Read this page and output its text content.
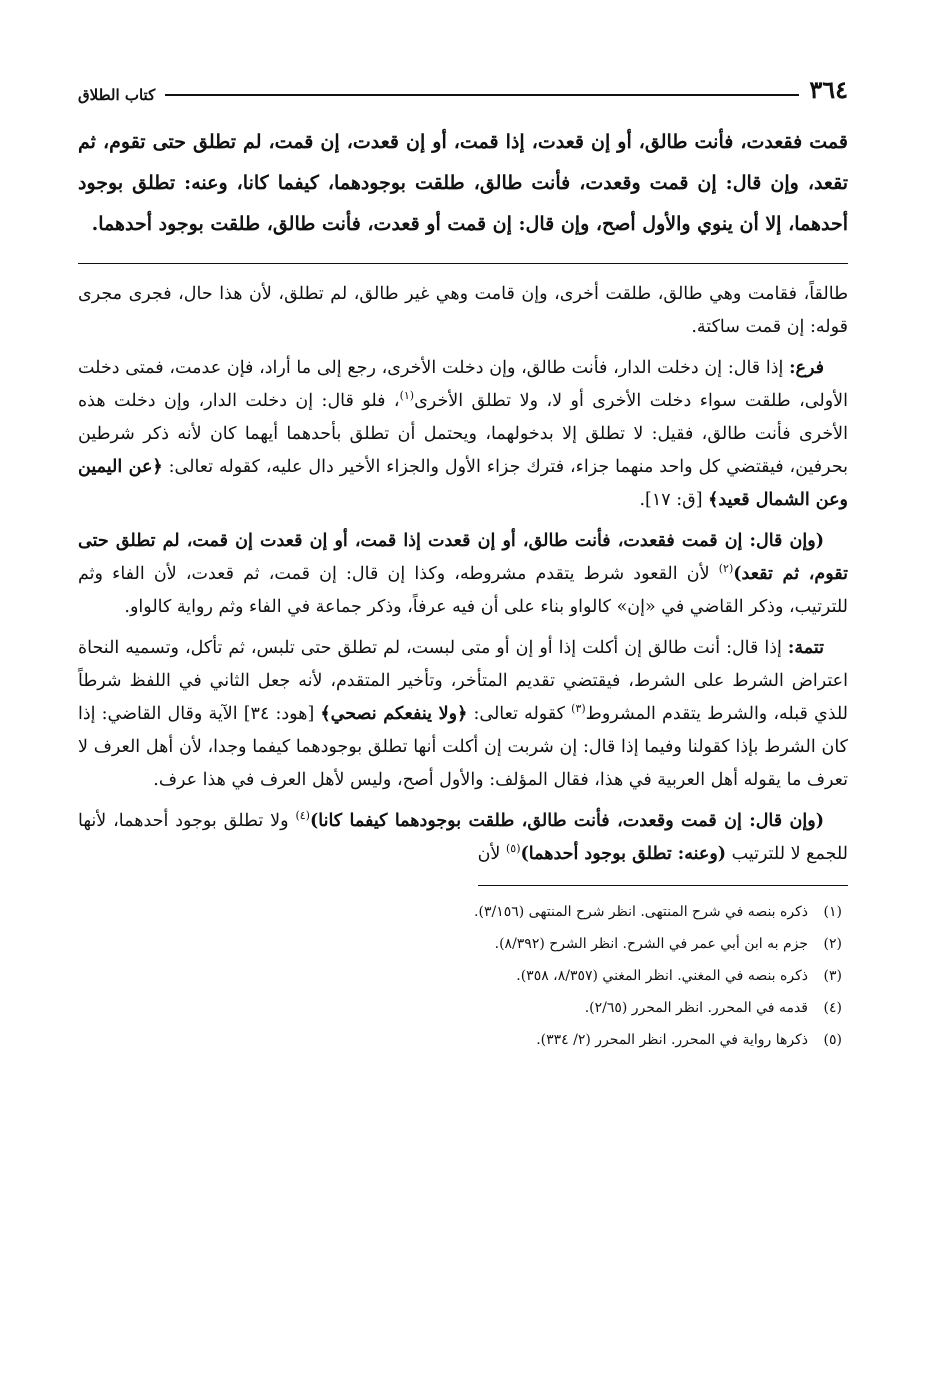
٣٦٤
كتاب الطلاق
قمت فقعدت، فأنت طالق، أو إن قعدت، إذا قمت، أو إن قعدت، إن قمت، لم تطلق حتى تقوم، ثم تقعد، وإن قال: إن قمت وقعدت، فأنت طالق، طلقت بوجودهما، كيفما كانا، وعنه: تطلق بوجود أحدهما، إلا أن ينوي والأول أصح، وإن قال: إن قمت أو قعدت، فأنت طالق، طلقت بوجود أحدهما.

طالقاً، فقامت وهي طالق، طلقت أخرى، وإن قامت وهي غير طالق، لم تطلق، لأن هذا حال، فجرى مجرى قوله: إن قمت ساكتة.

فرع: إذا قال: إن دخلت الدار، فأنت طالق، وإن دخلت الأخرى، رجع إلى ما أراد، فإن عدمت، فمتى دخلت الأولى، طلقت سواء دخلت الأخرى أو لا، ولا تطلق الأخرى$^{(١)}$، فلو قال: إن دخلت الدار، وإن دخلت هذه الأخرى فأنت طالق، فقيل: لا تطلق إلا بدخولهما، ويحتمل أن تطلق بأحدهما أيهما كان لأنه ذكر شرطين بحرفين، فيقتضي كل واحد منهما جزاء، فترك جزاء الأول والجزاء الأخير دال عليه، كقوله تعالى: ﴿عن اليمين وعن الشمال قعيد﴾ [ق: ١٧].

(وإن قال: إن قمت فقعدت، فأنت طالق، أو إن قعدت إذا قمت، أو إن قعدت إن قمت، لم تطلق حتى تقوم، ثم تقعد)$^{(٢)}$ لأن القعود شرط يتقدم مشروطه، وكذا إن قال: إن قمت، ثم قعدت، لأن الفاء وثم للترتيب، وذكر القاضي في «إن» كالواو بناء على أن فيه عرفاً، وذكر جماعة في الفاء وثم رواية كالواو.

تتمة: إذا قال: أنت طالق إن أكلت إذا أو إن أو متى لبست، لم تطلق حتى تلبس، ثم تأكل، وتسميه النحاة اعتراض الشرط على الشرط، فيقتضي تقديم المتأخر، وتأخير المتقدم، لأنه جعل الثاني في اللفظ شرطاً للذي قبله، والشرط يتقدم المشروط$^{(٣)}$ كقوله تعالى: ﴿ولا ينفعكم نصحي﴾ [هود: ٣٤] الآية وقال القاضي: إذا كان الشرط بإذا كقولنا وفيما إذا قال: إن شربت إن أكلت أنها تطلق بوجودهما كيفما وجدا، لأن أهل العرف لا تعرف ما يقوله أهل العربية في هذا، فقال المؤلف: والأول أصح، وليس لأهل العرف في هذا عرف.

(وإن قال: إن قمت وقعدت، فأنت طالق، طلقت بوجودهما كيفما كانا)$^{(٤)}$ ولا تطلق بوجود أحدهما، لأنها للجمع لا للترتيب (وعنه: تطلق بوجود أحدهما)$^{(٥)}$ لأن

(١)
ذكره بنصه في شرح المنتهى. انظر شرح المنتهى (٣/١٥٦).
(٢)
جزم به ابن أبي عمر في الشرح. انظر الشرح (٨/٣٩٢).
(٣)
ذكره بنصه في المغني. انظر المغني (٨/٣٥٧، ٣٥٨).
(٤)
قدمه في المحرر. انظر المحرر (٢/٦٥).
(٥)
ذكرها رواية في المحرر. انظر المحرر (٢/ ٣٣٤).
